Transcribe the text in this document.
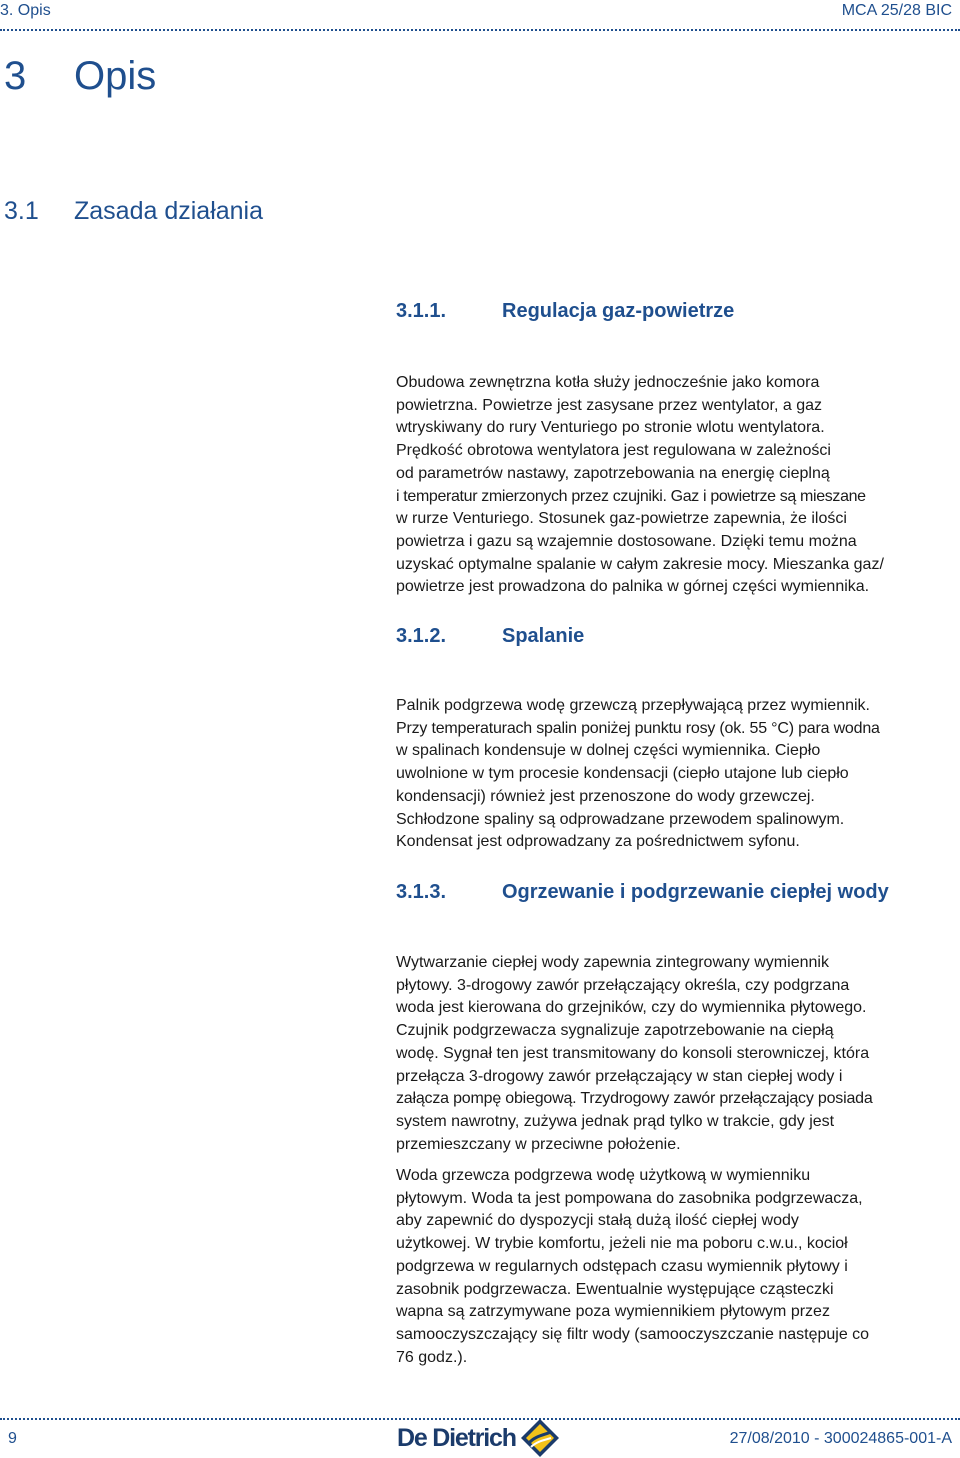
3. Opis	MCA 25/28 BIC
3 Opis
3.1 Zasada działania
3.1.1.	Regulacja gaz-powietrze
Obudowa zewnętrzna kotła służy jednocześnie jako komora
powietrzna. Powietrze jest zasysane przez wentylator, a gaz
wtryskiwany do rury Venturiego po stronie wlotu wentylatora.
Prędkość obrotowa wentylatora jest regulowana w zależności
od parametrów nastawy, zapotrzebowania na energię cieplną
i temperatur zmierzonych przez czujniki. Gaz i powietrze są mieszane
w rurze Venturiego. Stosunek gaz-powietrze zapewnia, że ilości
powietrza i gazu są wzajemnie dostosowane. Dzięki temu można
uzyskać optymalne spalanie w całym zakresie mocy. Mieszanka gaz/
powietrze jest prowadzona do palnika w górnej części wymiennika.
3.1.2.	Spalanie
Palnik podgrzewa wodę grzewczą przepływającą przez wymiennik.
Przy temperaturach spalin poniżej punktu rosy (ok. 55 °C) para wodna
w spalinach kondensuje w dolnej części wymiennika. Ciepło
uwolnione w tym procesie kondensacji (ciepło utajone lub ciepło
kondensacji) również jest przenoszone do wody grzewczej.
Schłodzone spaliny są odprowadzane przewodem spalinowym.
Kondensat jest odprowadzany za pośrednictwem syfonu.
3.1.3.	Ogrzewanie i podgrzewanie ciepłej wody
Wytwarzanie ciepłej wody zapewnia zintegrowany wymiennik
płytowy. 3-drogowy zawór przełączający określa, czy podgrzana
woda jest kierowana do grzejników, czy do wymiennika płytowego.
Czujnik podgrzewacza sygnalizuje zapotrzebowanie na ciepłą
wodę. Sygnał ten jest transmitowany do konsoli sterowniczej, która
przełącza 3-drogowy zawór przełączający w stan ciepłej wody i
załącza pompę obiegową. Trzydrogowy zawór przełączający posiada
system nawrotny, zużywa jednak prąd tylko w trakcie, gdy jest
przemieszczany w przeciwne położenie.
Woda grzewcza podgrzewa wodę użytkową w wymienniku
płytowym. Woda ta jest pompowana do zasobnika podgrzewacza,
aby zapewnić do dyspozycji stałą dużą ilość ciepłej wody
użytkowej. W trybie komfortu, jeżeli nie ma poboru c.w.u., kocioł
podgrzewa w regularnych odstępach czasu wymiennik płytowy i
zasobnik podgrzewacza. Ewentualnie występujące cząsteczki
wapna są zatrzymywane poza wymiennikiem płytowym przez
samooczyszczający się filtr wody (samooczyszczanie następuje co
76 godz.).
9	De Dietrich	27/08/2010 - 300024865-001-A
